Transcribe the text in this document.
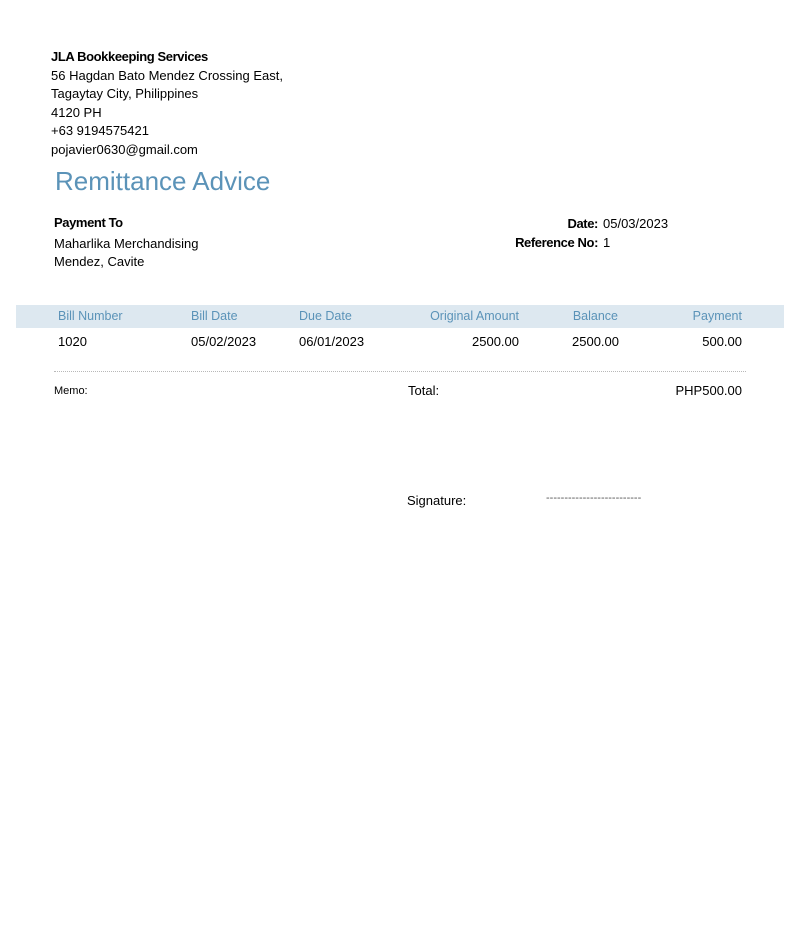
JLA Bookkeeping Services
56 Hagdan Bato Mendez Crossing East,
Tagaytay City, Philippines
4120 PH
+63 9194575421
pojavier0630@gmail.com
Remittance Advice
Payment To
Maharlika Merchandising
Mendez, Cavite
Date: 05/03/2023
Reference No: 1
Bill Number	Bill Date	Due Date	Original Amount	Balance	Payment
1020	05/02/2023	06/01/2023	2500.00	2500.00	500.00
Memo:	Total:	PHP500.00
Signature:	--------------------------
